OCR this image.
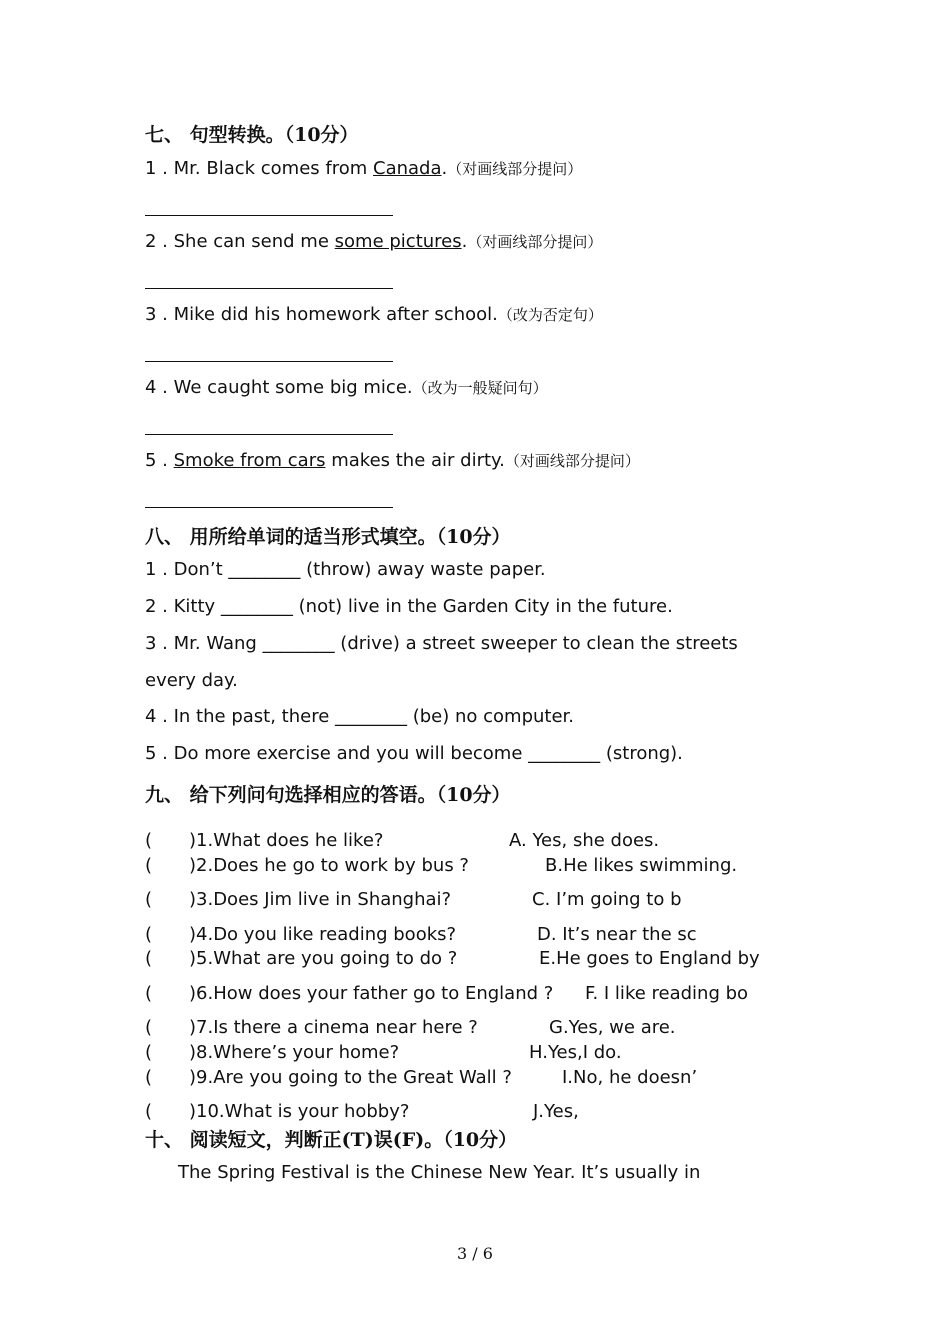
七、 句型转换。（10分）
1 . Mr. Black comes from Canada.（对画线部分提问）
2 . She can send me some pictures.（对画线部分提问）
3 . Mike did his homework after school.（改为否定句）
4 . We caught some big mice.（改为一般疑问句）
5 . Smoke from cars makes the air dirty.（对画线部分提问）
八、 用所给单词的适当形式填空。（10分）
1 . Don’t ________ (throw) away waste paper.
2 . Kitty ________ (not) live in the Garden City in the future.
3 . Mr. Wang ________ (drive) a street sweeper to clean the streets
every day.
4 . In the past, there ________ (be) no computer.
5 . Do more exercise and you will become ________ (strong).
九、 给下列问句选择相应的答语。（10分）
( )1.What does he like?	A. Yes, she does.
( )2.Does he go to work by bus ?	B.He likes swimming.
( )3.Does Jim live in Shanghai?	C. I’m going to b
( )4.Do you like reading books?	D. It’s near the sc
( )5.What are you going to do ?	E.He goes to England by
( )6.How does your father go to England ? F. I like reading bo
( )7.Is there a cinema near here ?	G.Yes, we are.
( )8.Where’s your home?	H.Yes,I do.
( )9.Are you going to the Great Wall ?	I.No, he doesn’
( )10.What is your hobby?	J.Yes,
十、 阅读短文，判断正(T)误(F)。（10分）
The Spring Festival is the Chinese New Year. It’s usually in
3 / 6
